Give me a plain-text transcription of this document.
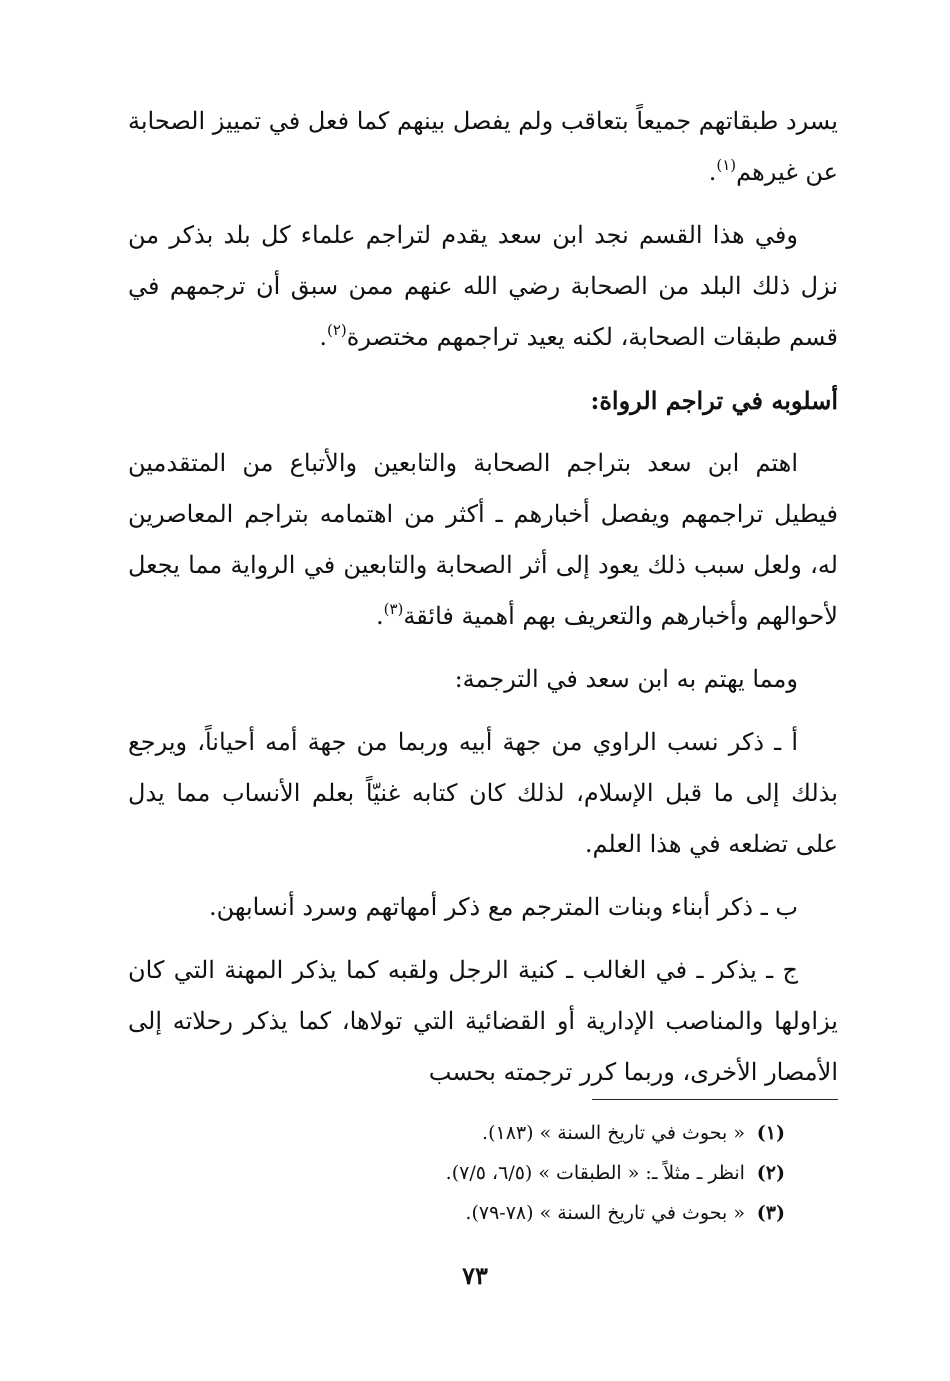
يسرد طبقاتهم جميعاً بتعاقب ولم يفصل بينهم كما فعل في تمييز الصحابة عن غيرهم$^{(١)}$.

وفي هذا القسم نجد ابن سعد يقدم لتراجم علماء كل بلد بذكر من نزل ذلك البلد من الصحابة رضي الله عنهم ممن سبق أن ترجمهم في قسم طبقات الصحابة، لكنه يعيد تراجمهم مختصرة$^{(٢)}$.

أسلوبه في تراجم الرواة:

اهتم ابن سعد بتراجم الصحابة والتابعين والأتباع من المتقدمين فيطيل تراجمهم ويفصل أخبارهم ـ أكثر من اهتمامه بتراجم المعاصرين له، ولعل سبب ذلك يعود إلى أثر الصحابة والتابعين في الرواية مما يجعل لأحوالهم وأخبارهم والتعريف بهم أهمية فائقة$^{(٣)}$.

ومما يهتم به ابن سعد في الترجمة:

أ ـ ذكر نسب الراوي من جهة أبيه وربما من جهة أمه أحياناً، ويرجع بذلك إلى ما قبل الإسلام، لذلك كان كتابه غنيّاً بعلم الأنساب مما يدل على تضلعه في هذا العلم.

ب ـ ذكر أبناء وبنات المترجم مع ذكر أمهاتهم وسرد أنسابهن.

ج ـ يذكر ـ في الغالب ـ كنية الرجل ولقبه كما يذكر المهنة التي كان يزاولها والمناصب الإدارية أو القضائية التي تولاها، كما يذكر رحلاته إلى الأمصار الأخرى، وربما كرر ترجمته بحسب

(١) « بحوث في تاريخ السنة » (١٨٣).

(٢) انظر ـ مثلاً ـ: « الطبقات » (٦/٥، ٧/٥).

(٣) « بحوث في تاريخ السنة » (٧٨-٧٩).

٧٣
